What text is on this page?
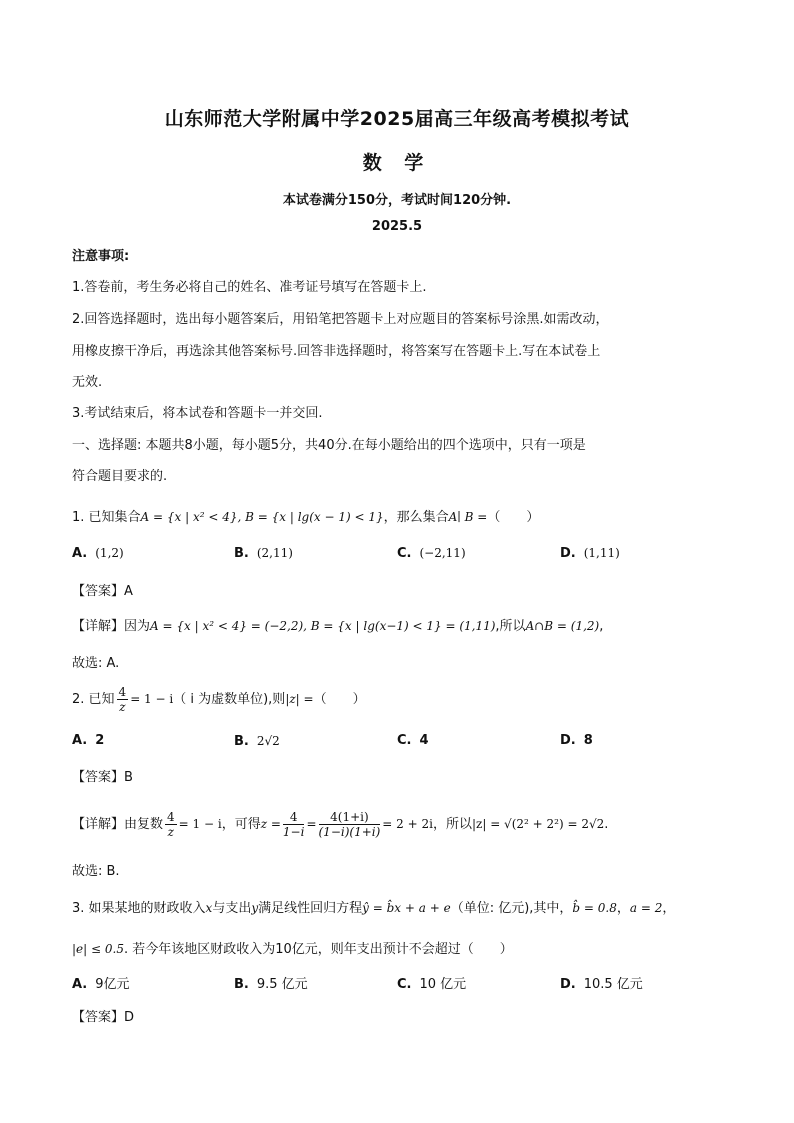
山东师范大学附属中学2025届高三年级高考模拟考试
数 学
本试卷满分150分，考试时间120分钟.
2025.5
注意事项:
1.答卷前，考生务必将自己的姓名、准考证号填写在答题卡上.
2.回答选择题时，选出每小题答案后，用铅笔把答题卡上对应题目的答案标号涂黑.如需改动，
用橡皮擦干净后，再选涂其他答案标号.回答非选择题时，将答案写在答题卡上.写在本试卷上
无效.
3.考试结束后，将本试卷和答题卡一并交回.
一、选择题: 本题共8小题，每小题5分，共40分.在每小题给出的四个选项中，只有一项是
符合题目要求的.
1. 已知集合A = {x | x² < 4}, B = {x | lg(x − 1) < 1}，那么集合A∣ B =（　　）
A. (1,2)	B. (2,11)	C. (−2,11)	D. (1,11)
【答案】A
【详解】因为A = {x | x² < 4} = (−2,2), B = {x | lg(x−1) < 1} = (1,11),所以A∩B = (1,2),
故选: A.
2. 已知 $\frac{4}{z} = 1 - i$（ i 为虚数单位),则|z| =（　　）
A. 2	B. 2√2	C. 4	D. 8
【答案】B
【详解】由复数 $\frac{4}{z} = 1 - i$，可得$z = \frac{4}{1-i} = \frac{4(1+i)}{(1-i)(1+i)} = 2 + 2i$，所以|z| = √(2² + 2²) = 2√2.
故选: B.
3. 如果某地的财政收入x与支出y满足线性回归方程ŷ = b̂x + a + e（单位: 亿元),其中，b̂ = 0.8，a = 2，
|e| ≤ 0.5. 若今年该地区财政收入为10亿元，则年支出预计不会超过（　　）
A. 9亿元	B. 9.5 亿元	C. 10 亿元	D. 10.5 亿元
【答案】D
